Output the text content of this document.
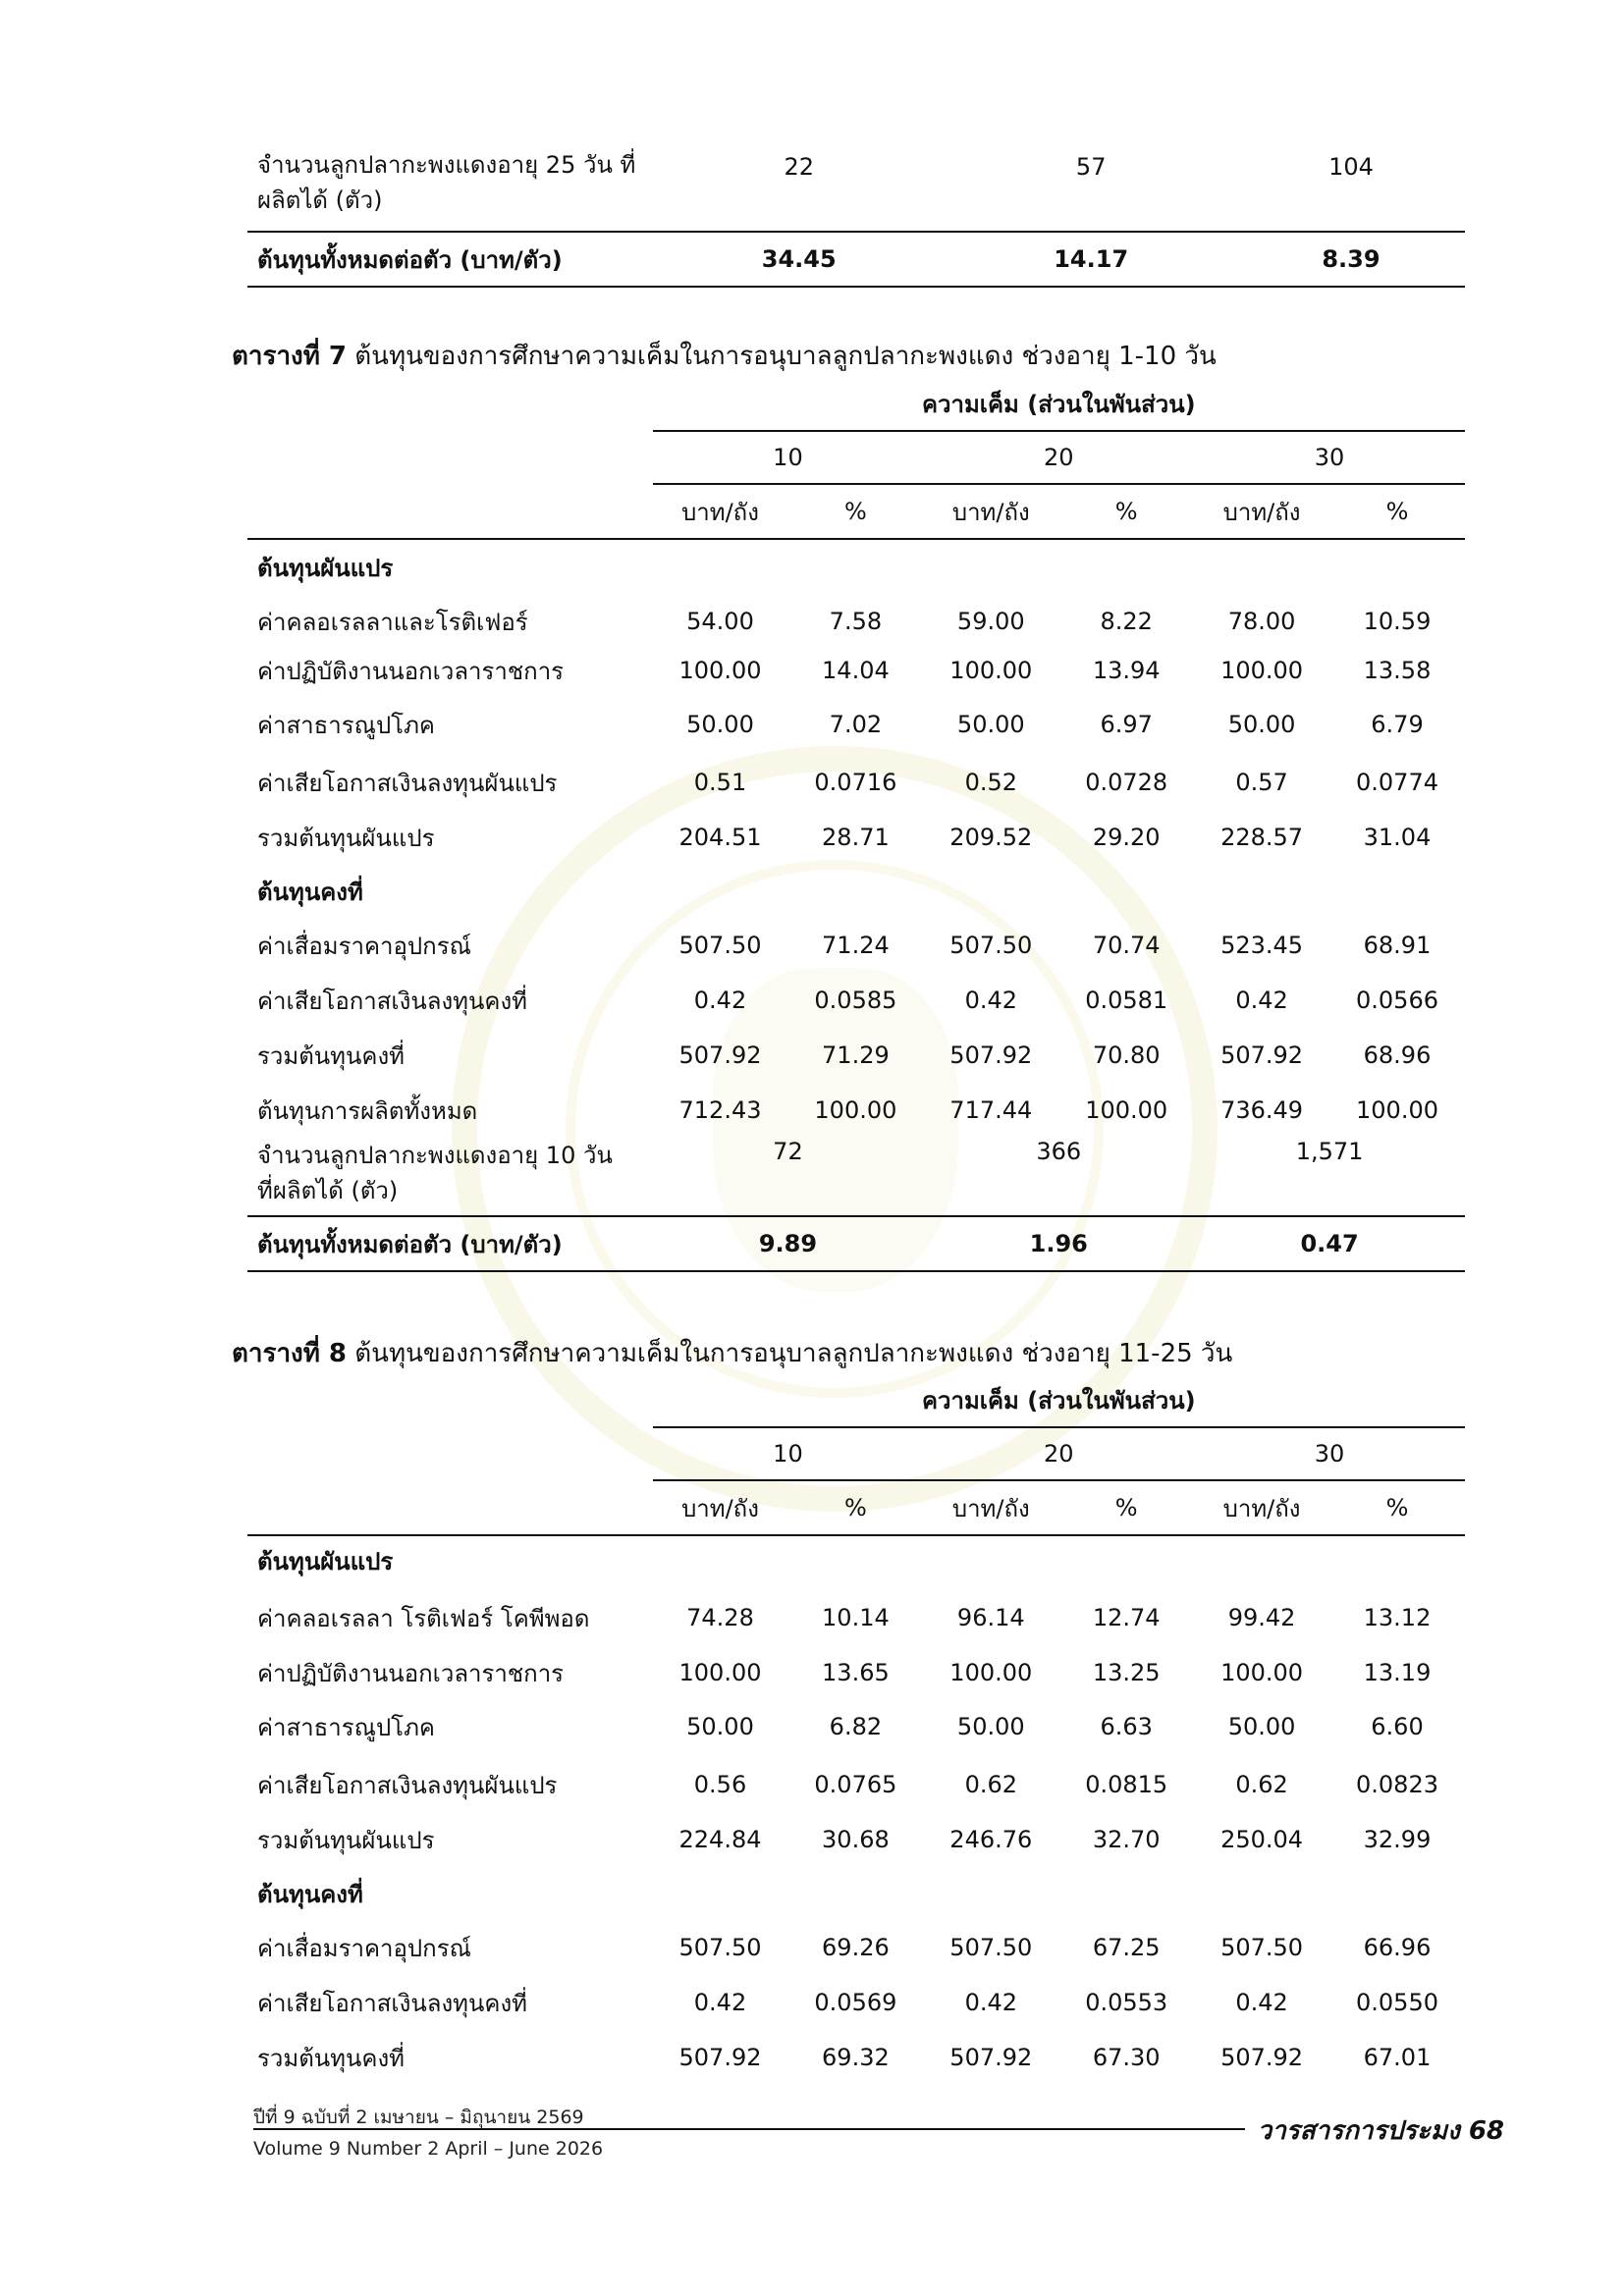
จำนวนลูกปลากะพงแดงอายุ 25 วัน ที่ผลิตได้ (ตัว)	22	57	104
ต้นทุนทั้งหมดต่อตัว (บาท/ตัว)	34.45	14.17	8.39
ตารางที่ 7 ต้นทุนของการศึกษาความเค็มในการอนุบาลลูกปลากะพงแดง ช่วงอายุ 1-10 วัน
	ความเค็ม (ส่วนในพันส่วน)					
	10		20		30	
	บาท/ถัง	%	บาท/ถัง	%	บาท/ถัง	%
ต้นทุนผันแปร						
ค่าคลอเรลลาและโรติเฟอร์	54.00	7.58	59.00	8.22	78.00	10.59
ค่าปฏิบัติงานนอกเวลาราชการ	100.00	14.04	100.00	13.94	100.00	13.58
ค่าสาธารณูปโภค	50.00	7.02	50.00	6.97	50.00	6.79
ค่าเสียโอกาสเงินลงทุนผันแปร	0.51	0.0716	0.52	0.0728	0.57	0.0774
รวมต้นทุนผันแปร	204.51	28.71	209.52	29.20	228.57	31.04
ต้นทุนคงที่						
ค่าเสื่อมราคาอุปกรณ์	507.50	71.24	507.50	70.74	523.45	68.91
ค่าเสียโอกาสเงินลงทุนคงที่	0.42	0.0585	0.42	0.0581	0.42	0.0566
รวมต้นทุนคงที่	507.92	71.29	507.92	70.80	507.92	68.96
ต้นทุนการผลิตทั้งหมด	712.43	100.00	717.44	100.00	736.49	100.00
จำนวนลูกปลากะพงแดงอายุ 10 วัน
ที่ผลิตได้ (ตัว)	72		366		1,571	
ต้นทุนทั้งหมดต่อตัว (บาท/ตัว)	9.89		1.96		0.47	
ตารางที่ 8 ต้นทุนของการศึกษาความเค็มในการอนุบาลลูกปลากะพงแดง ช่วงอายุ 11-25 วัน
	ความเค็ม (ส่วนในพันส่วน)					
	10		20		30	
	บาท/ถัง	%	บาท/ถัง	%	บาท/ถัง	%
ต้นทุนผันแปร						
ค่าคลอเรลลา โรติเฟอร์ โคพีพอด	74.28	10.14	96.14	12.74	99.42	13.12
ค่าปฏิบัติงานนอกเวลาราชการ	100.00	13.65	100.00	13.25	100.00	13.19
ค่าสาธารณูปโภค	50.00	6.82	50.00	6.63	50.00	6.60
ค่าเสียโอกาสเงินลงทุนผันแปร	0.56	0.0765	0.62	0.0815	0.62	0.0823
รวมต้นทุนผันแปร	224.84	30.68	246.76	32.70	250.04	32.99
ต้นทุนคงที่						
ค่าเสื่อมราคาอุปกรณ์	507.50	69.26	507.50	67.25	507.50	66.96
ค่าเสียโอกาสเงินลงทุนคงที่	0.42	0.0569	0.42	0.0553	0.42	0.0550
รวมต้นทุนคงที่	507.92	69.32	507.92	67.30	507.92	67.01
ปีที่ 9 ฉบับที่ 2 เมษายน – มิถุนายน 2569	วารสารการประมง 68
Volume 9 Number 2 April – June 2026
